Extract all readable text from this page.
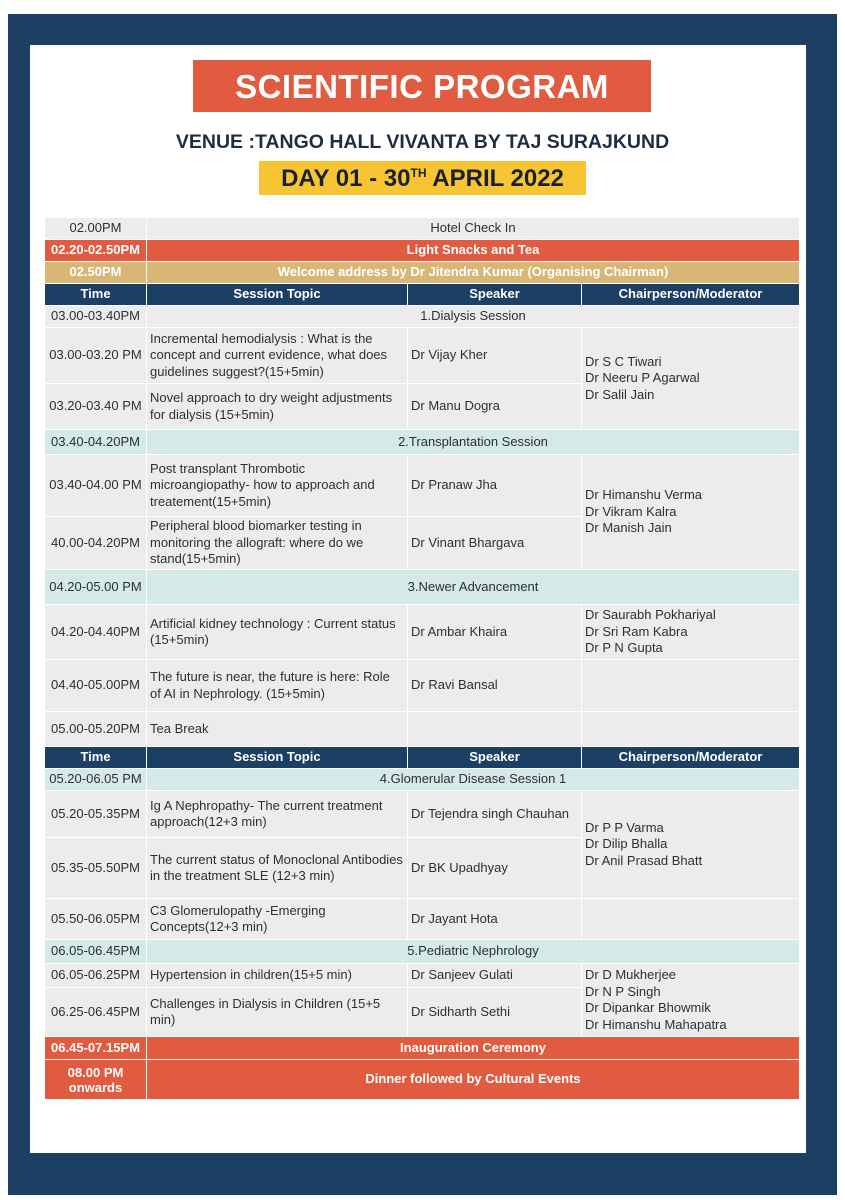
SCIENTIFIC PROGRAM
VENUE :TANGO HALL VIVANTA BY TAJ SURAJKUND
DAY 01 - 30TH APRIL 2022
02.00PM	Hotel Check In		
02.20-02.50PM	Light Snacks and Tea		
02.50PM	Welcome address by Dr Jitendra Kumar (Organising Chairman)		
Time	Session Topic	Speaker	Chairperson/Moderator
03.00-03.40PM	1.Dialysis Session		
03.00-03.20 PM	Incremental hemodialysis : What is the concept and current evidence, what does guidelines suggest?(15+5min)	Dr Vijay Kher	Dr S C Tiwari
Dr Neeru P Agarwal
Dr Salil Jain

03.20-03.40 PM	Novel approach to dry weight adjustments for dialysis (15+5min)	Dr Manu Dogra	
03.40-04.20PM	2.Transplantation Session		
03.40-04.00 PM	Post transplant Thrombotic microangiopathy- how to approach and treatement(15+5min)	Dr Pranaw Jha	Dr Himanshu Verma
Dr Vikram Kalra
Dr Manish Jain

40.00-04.20PM	Peripheral blood biomarker testing in monitoring the allograft: where do we stand(15+5min)	Dr Vinant Bhargava	
04.20-05.00 PM	3.Newer Advancement		
04.20-04.40PM	Artificial kidney technology : Current status (15+5min)	Dr Ambar Khaira	Dr Saurabh Pokhariyal
Dr Sri Ram Kabra
Dr P N Gupta

04.40-05.00PM	The future is near, the future is here: Role of AI in Nephrology. (15+5min)	Dr Ravi Bansal	
05.00-05.20PM	Tea Break		
Time	Session Topic	Speaker	Chairperson/Moderator
05.20-06.05 PM	4.Glomerular Disease Session 1		
05.20-05.35PM	Ig A Nephropathy- The current treatment approach(12+3 min)	Dr Tejendra singh Chauhan	Dr P P Varma
Dr Dilip Bhalla
Dr Anil Prasad Bhatt

05.35-05.50PM	The current status of Monoclonal Antibodies in the treatment SLE (12+3 min)	Dr BK Upadhyay	
05.50-06.05PM	C3 Glomerulopathy -Emerging Concepts(12+3 min)	Dr Jayant Hota	
06.05-06.45PM	5.Pediatric Nephrology		
06.05-06.25PM	Hypertension in children(15+5 min)	Dr Sanjeev Gulati	Dr D Mukherjee
Dr N P Singh
Dr Dipankar Bhowmik
Dr Himanshu Mahapatra

06.25-06.45PM	Challenges in Dialysis in Children (15+5 min)	Dr Sidharth Sethi	
06.45-07.15PM	Inauguration Ceremony		
08.00 PM onwards	Dinner followed by Cultural Events		
